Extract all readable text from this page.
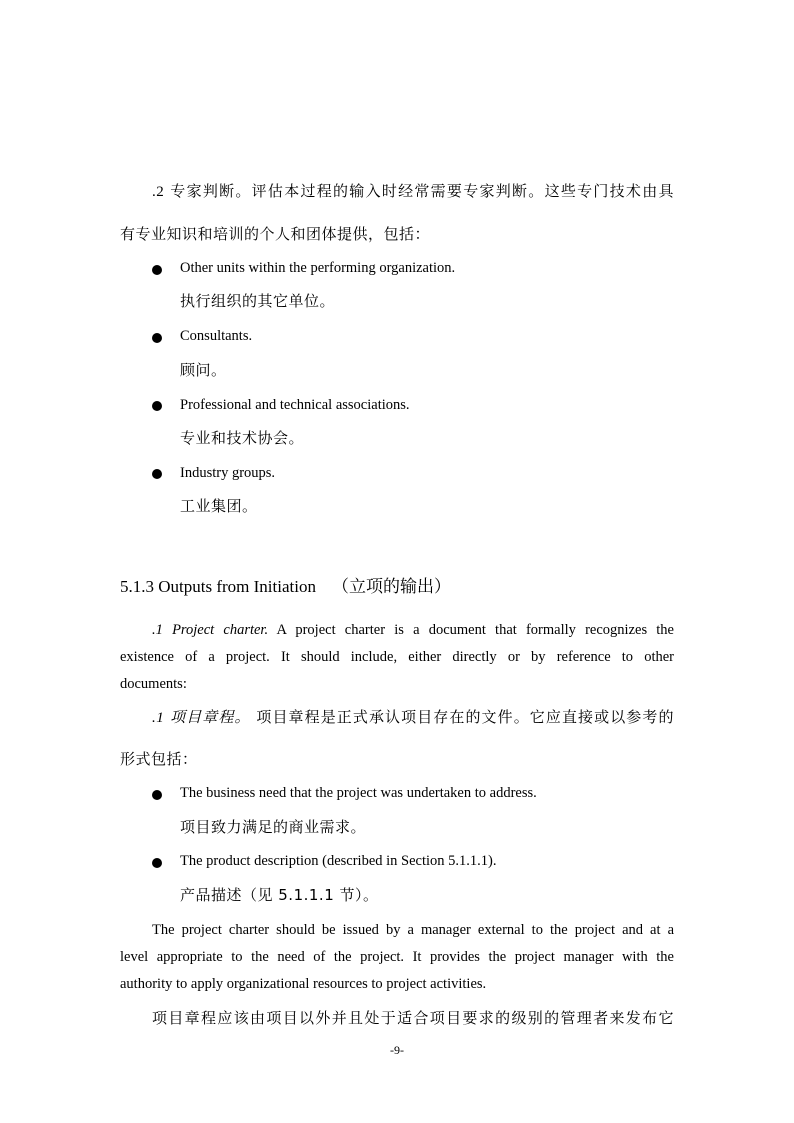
.2 专家判断。评估本过程的输入时经常需要专家判断。这些专门技术由具
有专业知识和培训的个人和团体提供，包括：
Other units within the performing organization.
执行组织的其它单位。
Consultants.
顾问。
Professional and technical associations.
专业和技术协会。
Industry groups.
工业集团。
5.1.3 Outputs from Initiation （立项的输出）
.1 Project charter. A project charter is a document that formally recognizes the
existence of a project. It should include, either directly or by reference to other
documents:
.1 项目章程。 项目章程是正式承认项目存在的文件。它应直接或以参考的
形式包括：
The business need that the project was undertaken to address.
项目致力满足的商业需求。
The product description (described in Section 5.1.1.1).
产品描述（见 5.1.1.1 节）。
The project charter should be issued by a manager external to the project and at a
level appropriate to the need of the project. It provides the project manager with the
authority to apply organizational resources to project activities.
项目章程应该由项目以外并且处于适合项目要求的级别的管理者来发布它
-9-
